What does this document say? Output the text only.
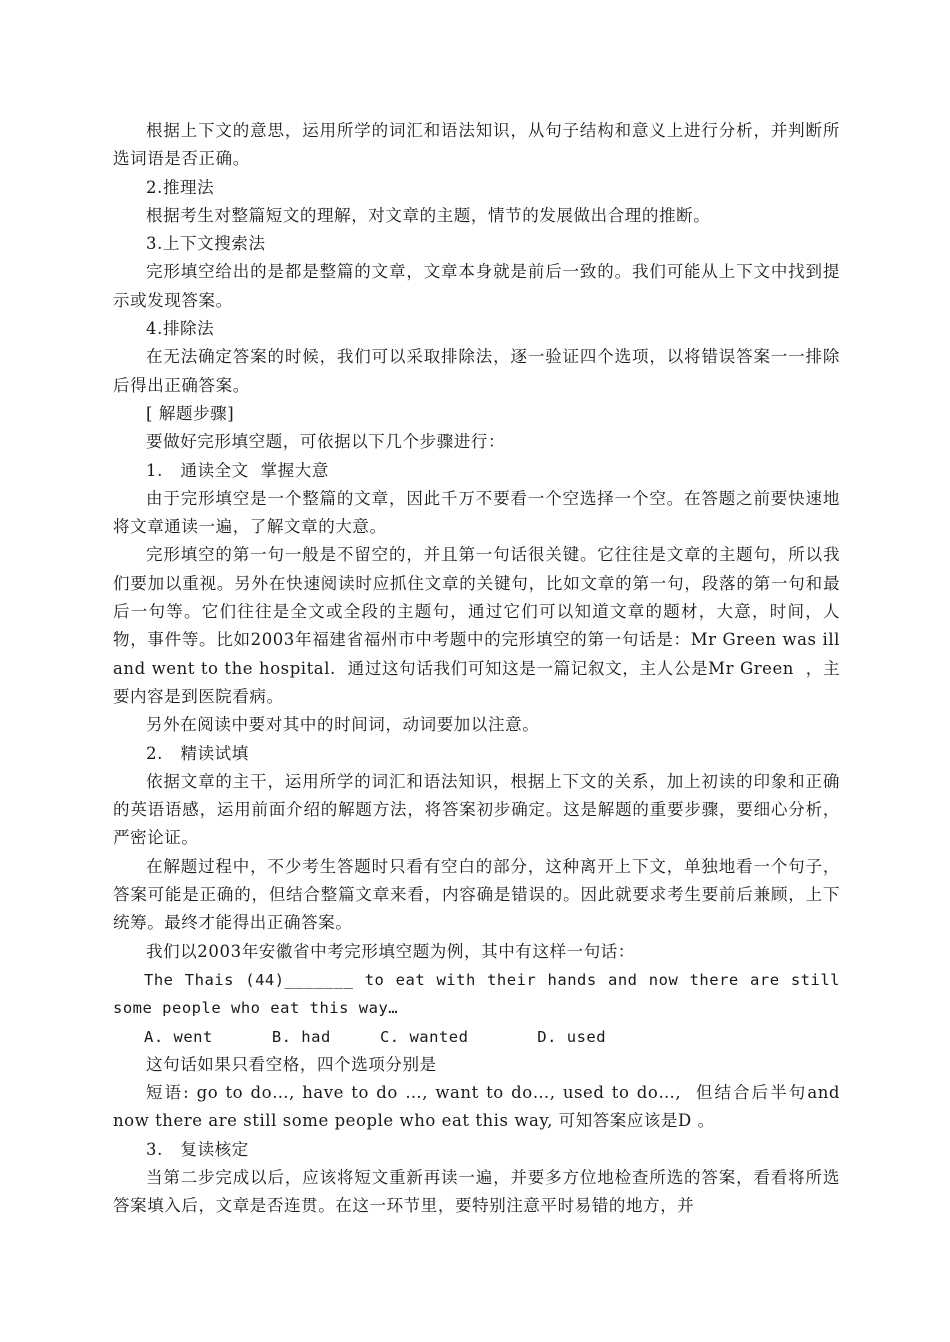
根据上下文的意思，运用所学的词汇和语法知识，从句子结构和意义上进行分析，并判断所选词语是否正确。

2.推理法

根据考生对整篇短文的理解，对文章的主题，情节的发展做出合理的推断。

3.上下文搜索法

完形填空给出的是都是整篇的文章，文章本身就是前后一致的。我们可能从上下文中找到提示或发现答案。

4.排除法

在无法确定答案的时候，我们可以采取排除法，逐一验证四个选项，以将错误答案一一排除后得出正确答案。

[ 解题步骤]

要做好完形填空题，可依据以下几个步骤进行：

1.   通读全文  掌握大意

由于完形填空是一个整篇的文章，因此千万不要看一个空选择一个空。在答题之前要快速地将文章通读一遍，了解文章的大意。

完形填空的第一句一般是不留空的，并且第一句话很关键。它往往是文章的主题句，所以我们要加以重视。另外在快速阅读时应抓住文章的关键句，比如文章的第一句，段落的第一句和最后一句等。它们往往是全文或全段的主题句，通过它们可以知道文章的题材，大意，时间，人物，事件等。比如2003年福建省福州市中考题中的完形填空的第一句话是：Mr Green was ill and went to the hospital.  通过这句话我们可知这是一篇记叙文，主人公是Mr Green  ，主要内容是到医院看病。

另外在阅读中要对其中的时间词，动词要加以注意。

2.   精读试填

依据文章的主干，运用所学的词汇和语法知识，根据上下文的关系，加上初读的印象和正确的英语语感，运用前面介绍的解题方法，将答案初步确定。这是解题的重要步骤，要细心分析，严密论证。

在解题过程中，不少考生答题时只看有空白的部分，这种离开上下文，单独地看一个句子，答案可能是正确的，但结合整篇文章来看，内容确是错误的。因此就要求考生要前后兼顾，上下统筹。最终才能得出正确答案。

我们以2003年安徽省中考完形填空题为例，其中有这样一句话：

The Thais (44)_______ to eat with their hands and now there are still some people who eat this way…

A. went      B. had     C. wanted       D. used

这句话如果只看空格，四个选项分别是

短语: go to do…, have to do …, want to do…, used to do…,  但结合后半句and now there are still some people who eat this way, 可知答案应该是D 。

3.   复读核定

当第二步完成以后，应该将短文重新再读一遍，并要多方位地检查所选的答案，看看将所选答案填入后，文章是否连贯。在这一环节里，要特别注意平时易错的地方，并
